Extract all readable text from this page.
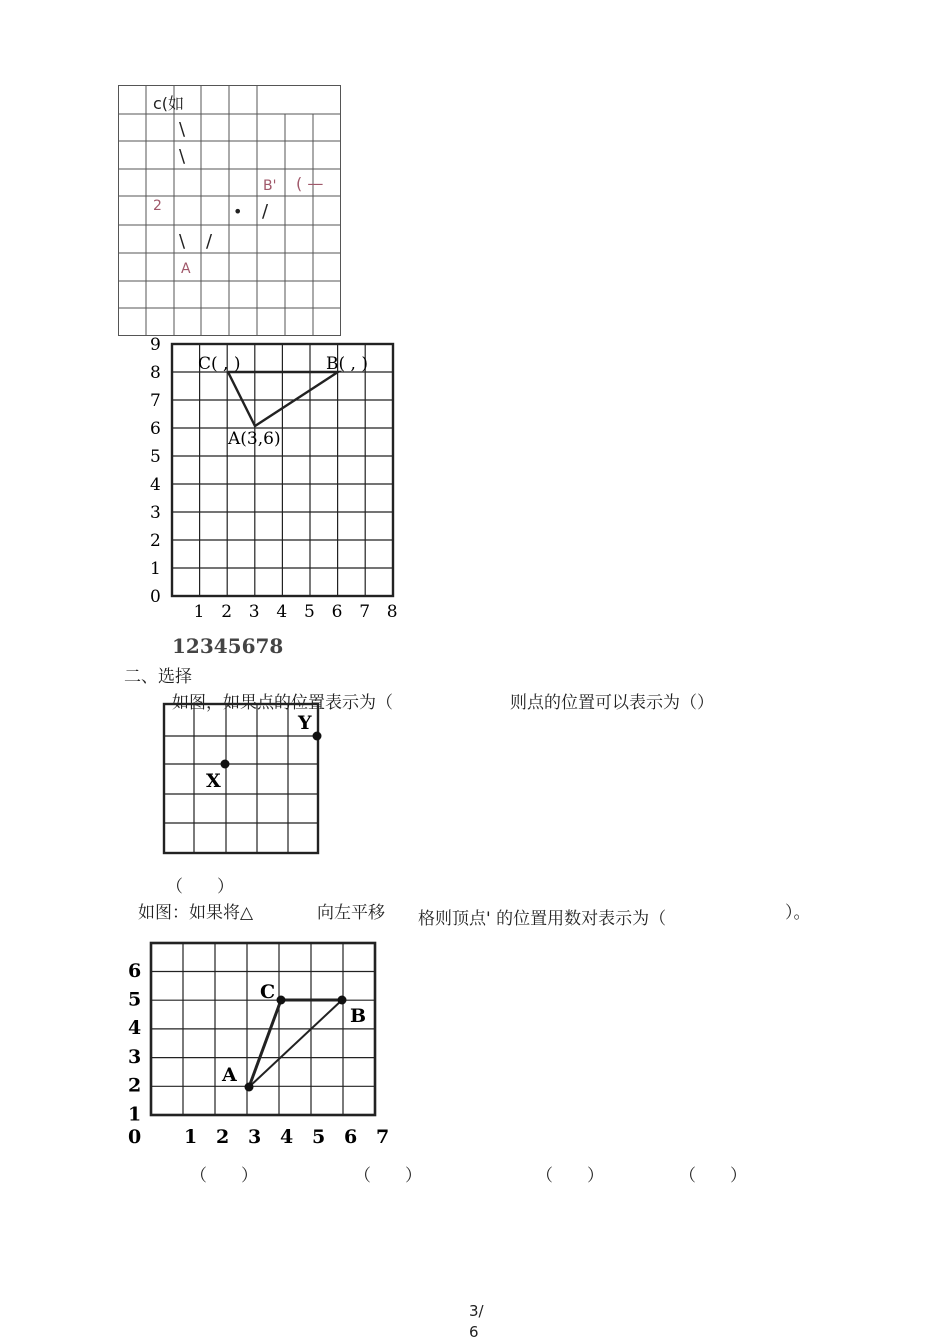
c(如
\
\
B' ( —
2	• /
\ /
A
0
1
2
3
4
5
6
7
8
9
1 2 3 4 5 6 7 8
C( , )	B( , )
A(3,6)
12345678
二、选择
如图，如果点的位置表示为（	则点的位置可以表示为（）
X
Y
（　　）
如图：如果将△	向左平移 格则顶点' 的位置用数对表示为（	）。
1
2
3
4
5
6
0 1 2 3 4 5 6 7
C
B
A
（　　）	（　　）	（　　）	（　　）
3/
6
